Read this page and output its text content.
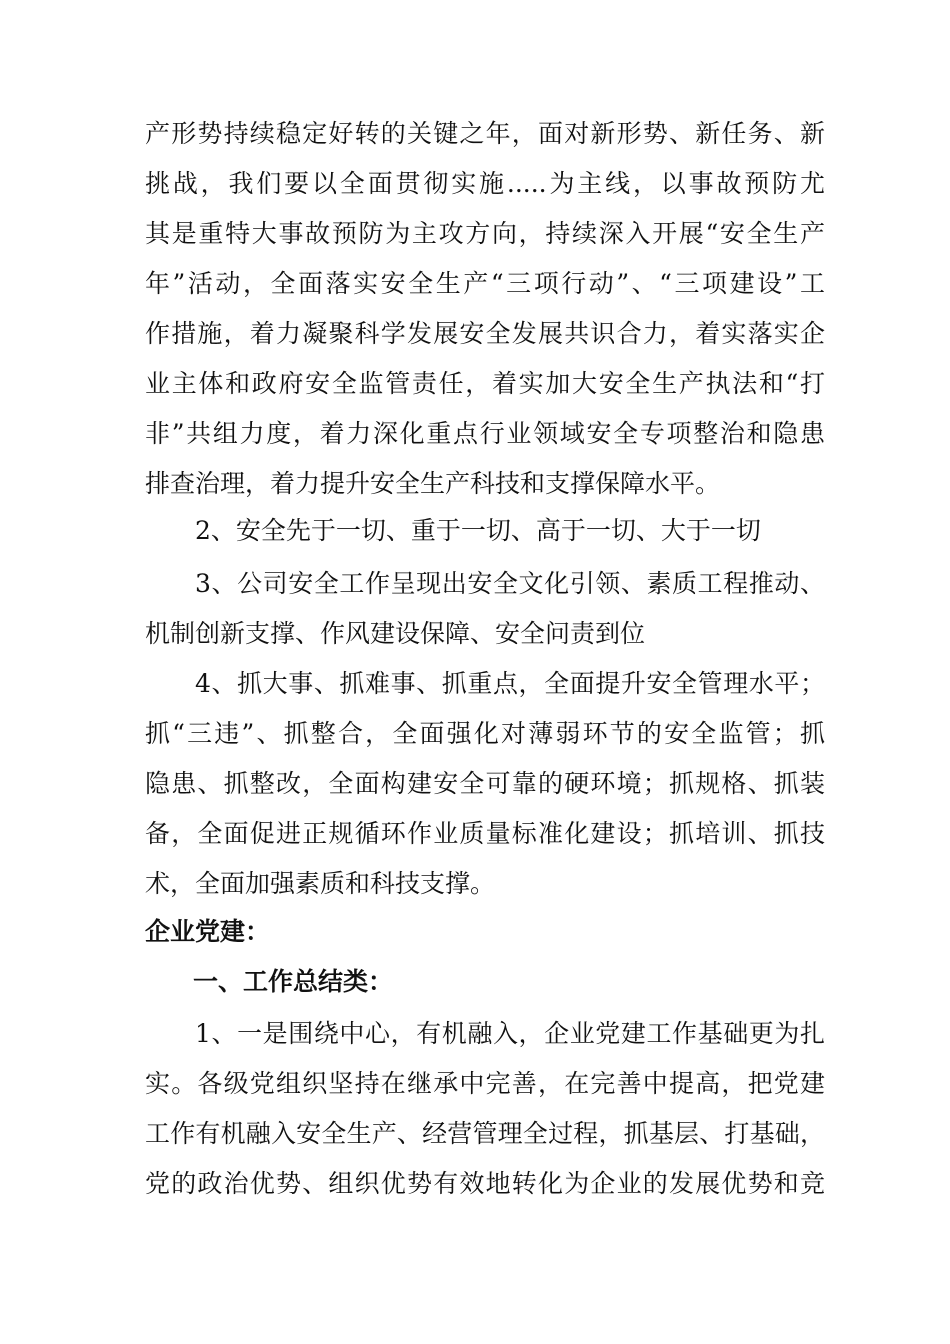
产形势持续稳定好转的关键之年，面对新形势、新任务、新
挑战，我们要以全面贯彻实施.....为主线，以事故预防尤
其是重特大事故预防为主攻方向，持续深入开展“安全生产
年”活动，全面落实安全生产“三项行动”、“三项建设”工
作措施，着力凝聚科学发展安全发展共识合力，着实落实企
业主体和政府安全监管责任，着实加大安全生产执法和“打
非”共组力度，着力深化重点行业领域安全专项整治和隐患
排查治理，着力提升安全生产科技和支撑保障水平。
2、安全先于一切、重于一切、高于一切、大于一切
3、公司安全工作呈现出安全文化引领、素质工程推动、
机制创新支撑、作风建设保障、安全问责到位
4、抓大事、抓难事、抓重点，全面提升安全管理水平；
抓“三违”、抓整合，全面强化对薄弱环节的安全监管；抓
隐患、抓整改，全面构建安全可靠的硬环境；抓规格、抓装
备，全面促进正规循环作业质量标准化建设；抓培训、抓技
术，全面加强素质和科技支撑。
企业党建：
一、工作总结类：
1、一是围绕中心，有机融入，企业党建工作基础更为扎
实。各级党组织坚持在继承中完善，在完善中提高，把党建
工作有机融入安全生产、经营管理全过程，抓基层、打基础，
党的政治优势、组织优势有效地转化为企业的发展优势和竞
